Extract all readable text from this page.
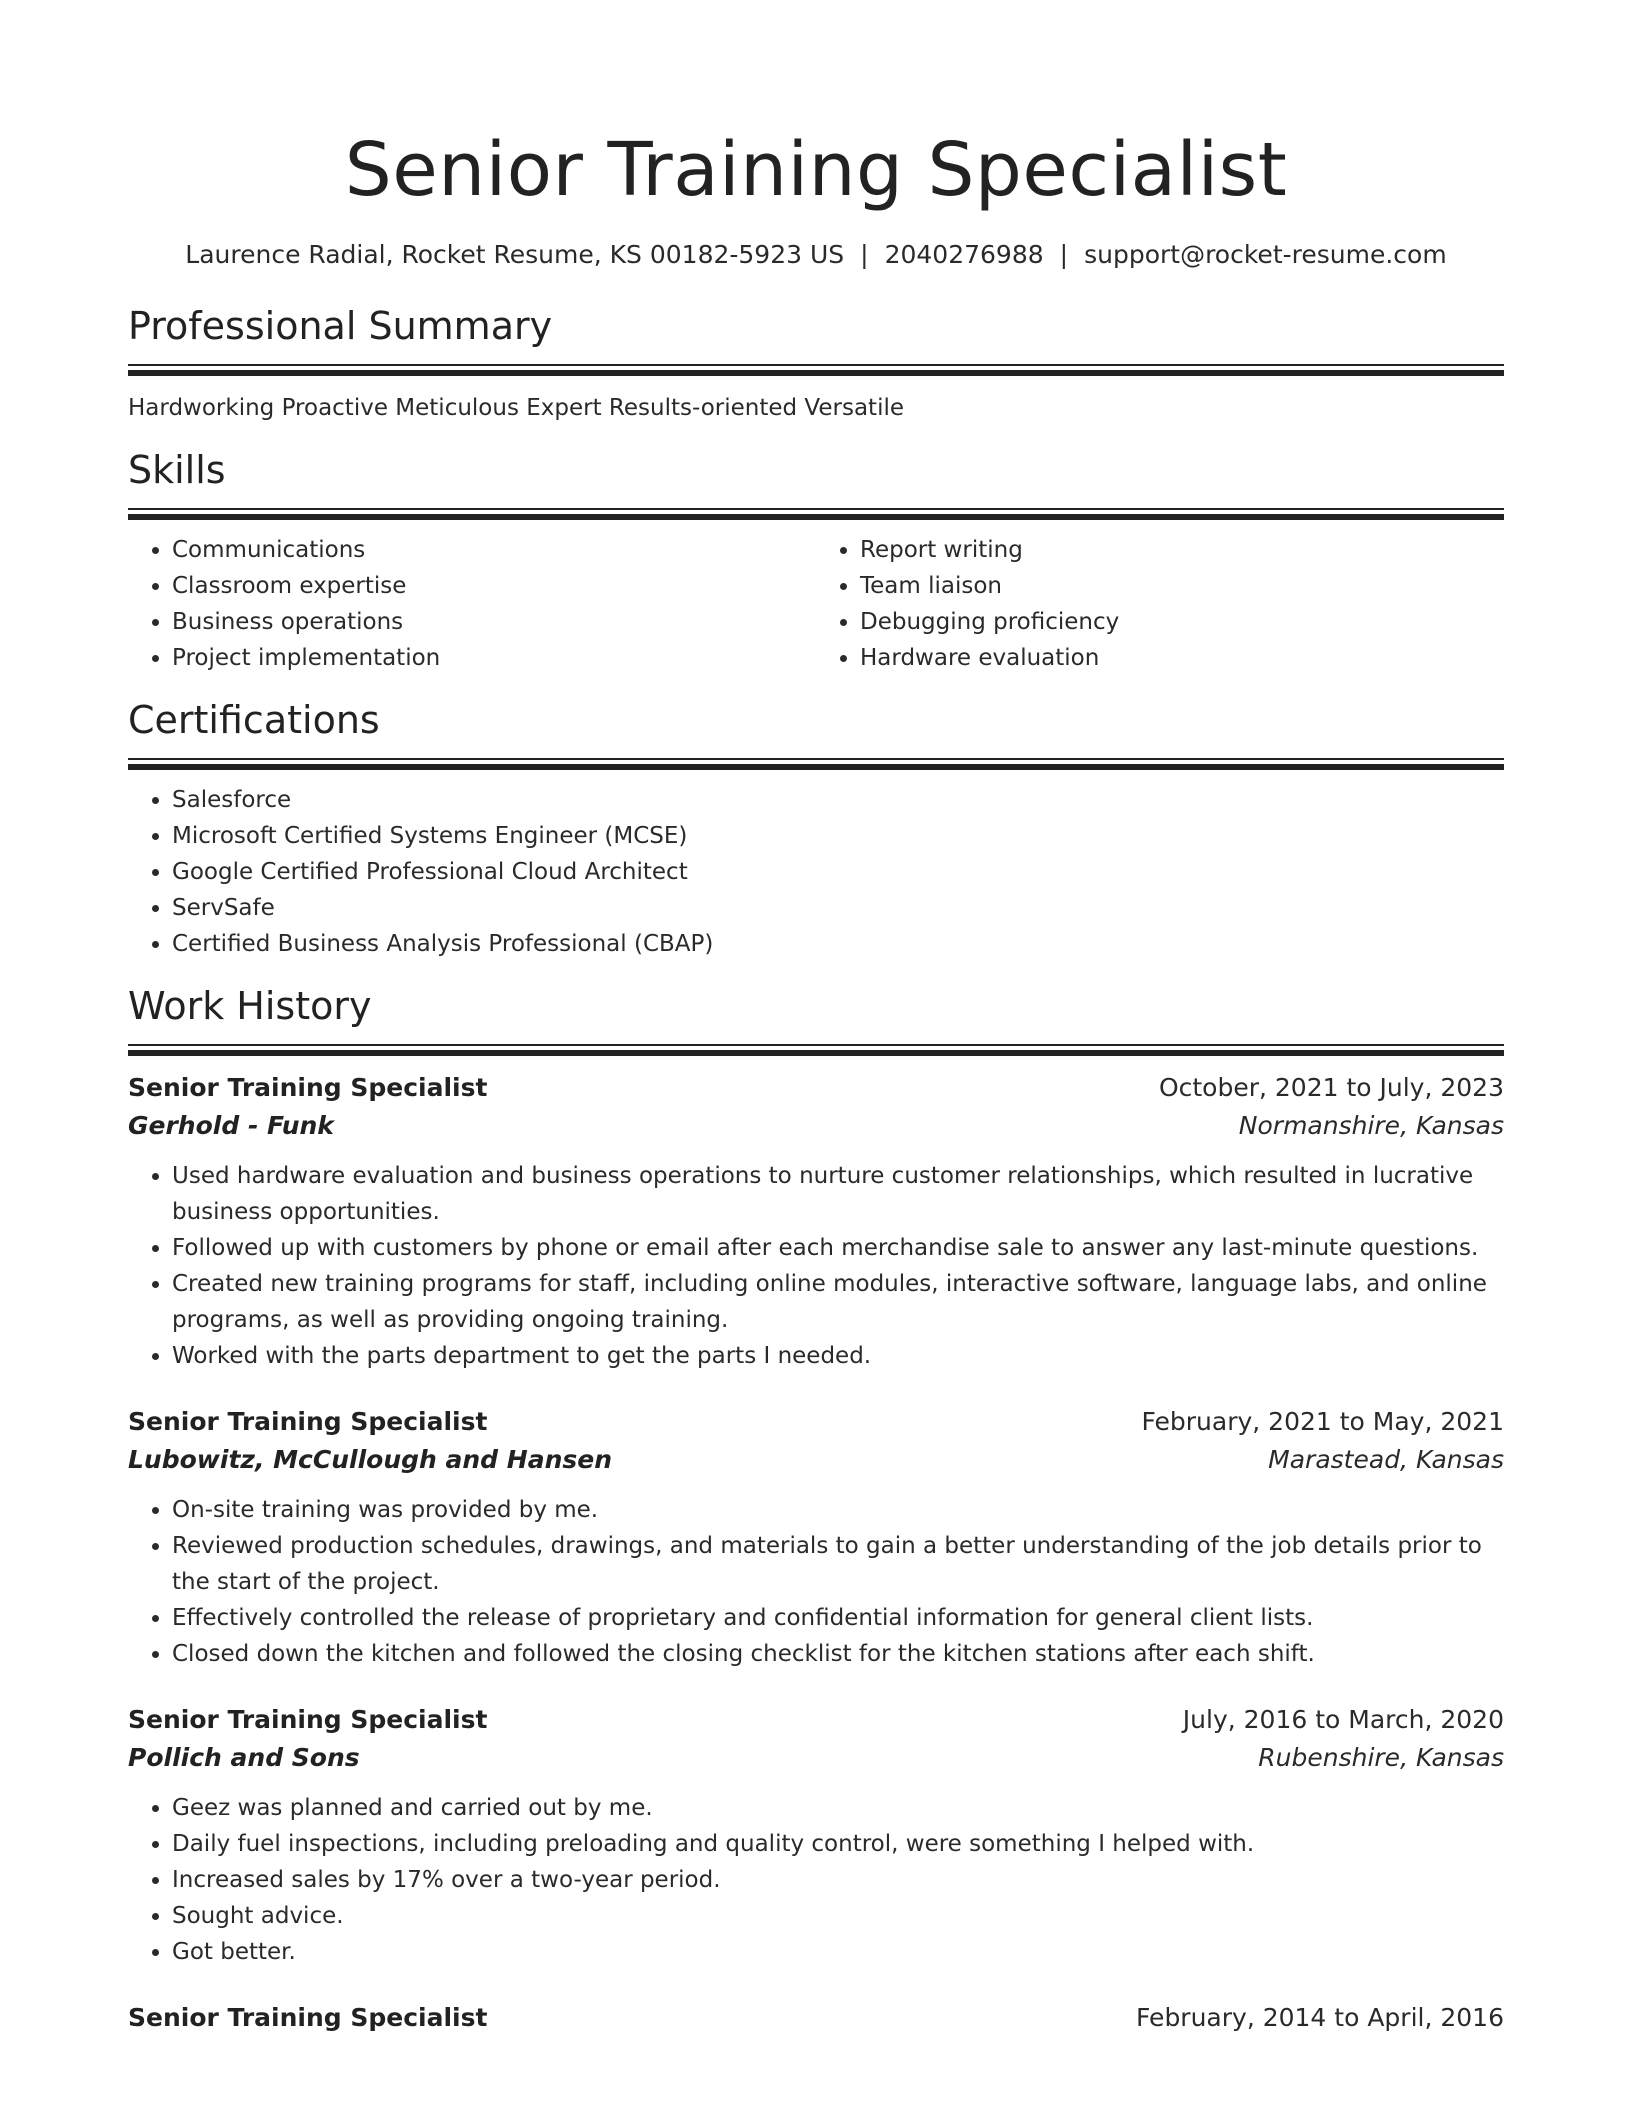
Senior Training Specialist
Laurence Radial, Rocket Resume, KS 00182-5923 US | 2040276988 | support@rocket-resume.com
Professional Summary
Hardworking Proactive Meticulous Expert Results-oriented Versatile
Skills
• Communications
• Classroom expertise
• Business operations
• Project implementation
• Report writing
• Team liaison
• Debugging proficiency
• Hardware evaluation
Certifications
• Salesforce
• Microsoft Certified Systems Engineer (MCSE)
• Google Certified Professional Cloud Architect
• ServSafe
• Certified Business Analysis Professional (CBAP)
Work History
Senior Training Specialist	October, 2021 to July, 2023
Gerhold - Funk	Normanshire, Kansas
• Used hardware evaluation and business operations to nurture customer relationships, which resulted in lucrative business opportunities.
• Followed up with customers by phone or email after each merchandise sale to answer any last-minute questions.
• Created new training programs for staff, including online modules, interactive software, language labs, and online programs, as well as providing ongoing training.
• Worked with the parts department to get the parts I needed.
Senior Training Specialist	February, 2021 to May, 2021
Lubowitz, McCullough and Hansen	Marastead, Kansas
• On-site training was provided by me.
• Reviewed production schedules, drawings, and materials to gain a better understanding of the job details prior to the start of the project.
• Effectively controlled the release of proprietary and confidential information for general client lists.
• Closed down the kitchen and followed the closing checklist for the kitchen stations after each shift.
Senior Training Specialist	July, 2016 to March, 2020
Pollich and Sons	Rubenshire, Kansas
• Geez was planned and carried out by me.
• Daily fuel inspections, including preloading and quality control, were something I helped with.
• Increased sales by 17% over a two-year period.
• Sought advice.
• Got better.
Senior Training Specialist	February, 2014 to April, 2016
